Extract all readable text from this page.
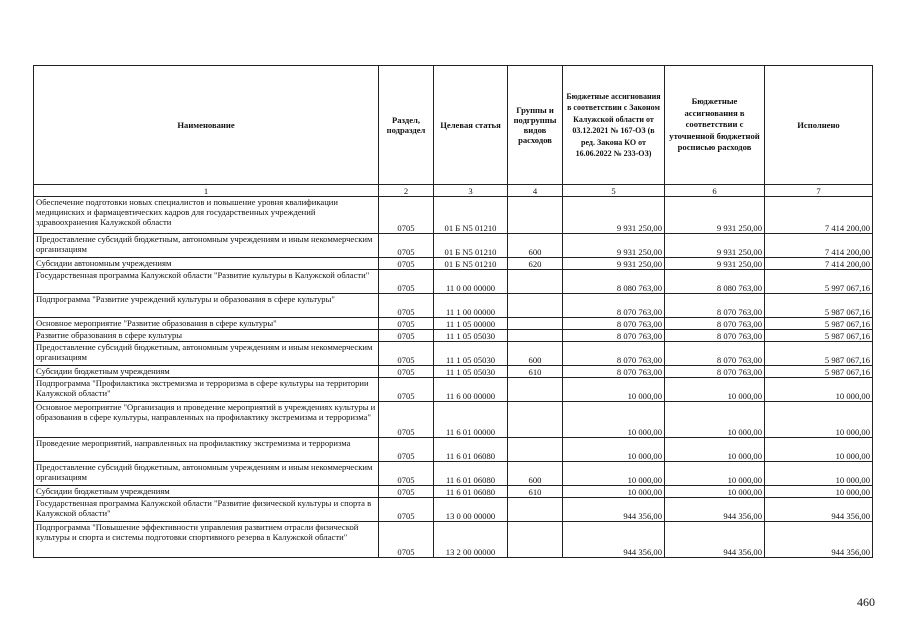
Наименование	Раздел, подраздел	Целевая статья	Группы и подгруппы видов расходов	Бюджетные ассигнования в соответствии с Законом Калужской области от 03.12.2021 № 167-ОЗ (в ред. Закона КО от 16.06.2022 № 233-ОЗ)	Бюджетные ассигнования в соответствии с уточненной бюджетной росписью расходов	Исполнено
1	2	3	4	5	6	7
Обеспечение подготовки новых специалистов и повышение уровня квалификации медицинских и фармацевтических кадров для государственных учреждений здравоохранения Калужской области	0705	01 Б N5 01210		9 931 250,00	9 931 250,00	7 414 200,00
Предоставление субсидий бюджетным, автономным учреждениям и иным некоммерческим организациям	0705	01 Б N5 01210	600	9 931 250,00	9 931 250,00	7 414 200,00
Субсидии автономным учреждениям	0705	01 Б N5 01210	620	9 931 250,00	9 931 250,00	7 414 200,00
Государственная программа Калужской области "Развитие культуры в Калужской области"	0705	11 0 00 00000		8 080 763,00	8 080 763,00	5 997 067,16
Подпрограмма "Развитие учреждений культуры и образования в сфере культуры"	0705	11 1 00 00000		8 070 763,00	8 070 763,00	5 987 067,16
Основное мероприятие "Развитие образования в сфере культуры"	0705	11 1 05 00000		8 070 763,00	8 070 763,00	5 987 067,16
Развитие образования в сфере культуры	0705	11 1 05 05030		8 070 763,00	8 070 763,00	5 987 067,16
Предоставление субсидий бюджетным, автономным учреждениям и иным некоммерческим организациям	0705	11 1 05 05030	600	8 070 763,00	8 070 763,00	5 987 067,16
Субсидии бюджетным учреждениям	0705	11 1 05 05030	610	8 070 763,00	8 070 763,00	5 987 067,16
Подпрограмма "Профилактика экстремизма и терроризма в сфере культуры на территории Калужской области"	0705	11 6 00 00000		10 000,00	10 000,00	10 000,00
Основное мероприятие "Организация и проведение мероприятий в учреждениях культуры и образования в сфере культуры, направленных на профилактику экстремизма и терроризма"	0705	11 6 01 00000		10 000,00	10 000,00	10 000,00
Проведение мероприятий, направленных на профилактику экстремизма и терроризма	0705	11 6 01 06080		10 000,00	10 000,00	10 000,00
Предоставление субсидий бюджетным, автономным учреждениям и иным некоммерческим организациям	0705	11 6 01 06080	600	10 000,00	10 000,00	10 000,00
Субсидии бюджетным учреждениям	0705	11 6 01 06080	610	10 000,00	10 000,00	10 000,00
Государственная программа Калужской области "Развитие физической культуры и спорта в Калужской области"	0705	13 0 00 00000		944 356,00	944 356,00	944 356,00
Подпрограмма "Повышение эффективности управления развитием отрасли физической культуры и спорта и системы подготовки спортивного резерва в Калужской области"	0705	13 2 00 00000		944 356,00	944 356,00	944 356,00
460
